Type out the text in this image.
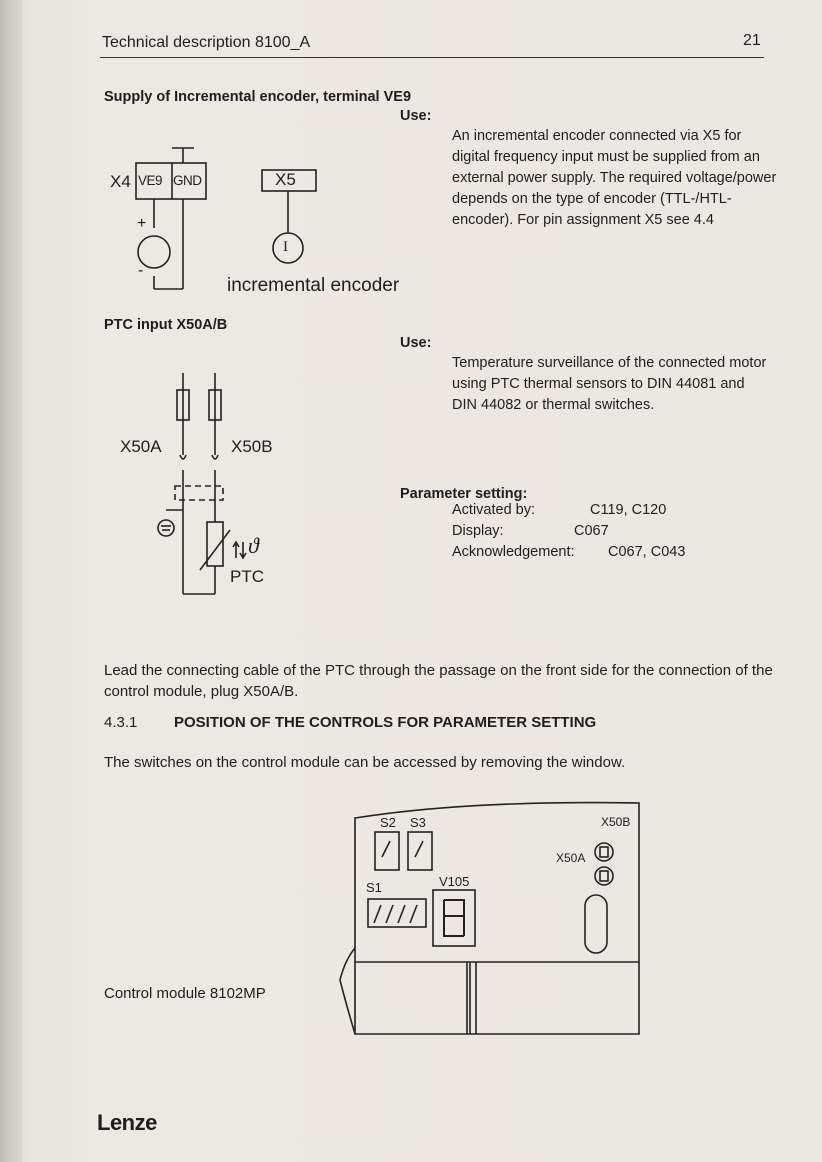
Technical description 8100_A	21
Supply of Incremental encoder, terminal VE9
Use:
An incremental encoder connected via X5 for digital frequency input must be supplied from an external power supply. The required voltage/power depends on the type of encoder (TTL-/HTL-encoder). For pin assignment X5 see 4.4
X4 VE9 GND	X5
+
-
I
incremental encoder
PTC input X50A/B
Use:
Temperature surveillance of the connected motor using PTC thermal sensors to DIN 44081 and DIN 44082 or thermal switches.
X50A	X50B
PTC
ϑ
Parameter setting:
Activated by:	C119, C120
Display:	C067
Acknowledgement: C067, C043
Lead the connecting cable of the PTC through the passage on the front side for the connection of the control module, plug X50A/B.
4.3.1 POSITION OF THE CONTROLS FOR PARAMETER SETTING
The switches on the control module can be accessed by removing the window.
S2 S3
S1	V105
X50B
X50A
Control module 8102MP
Lenze
